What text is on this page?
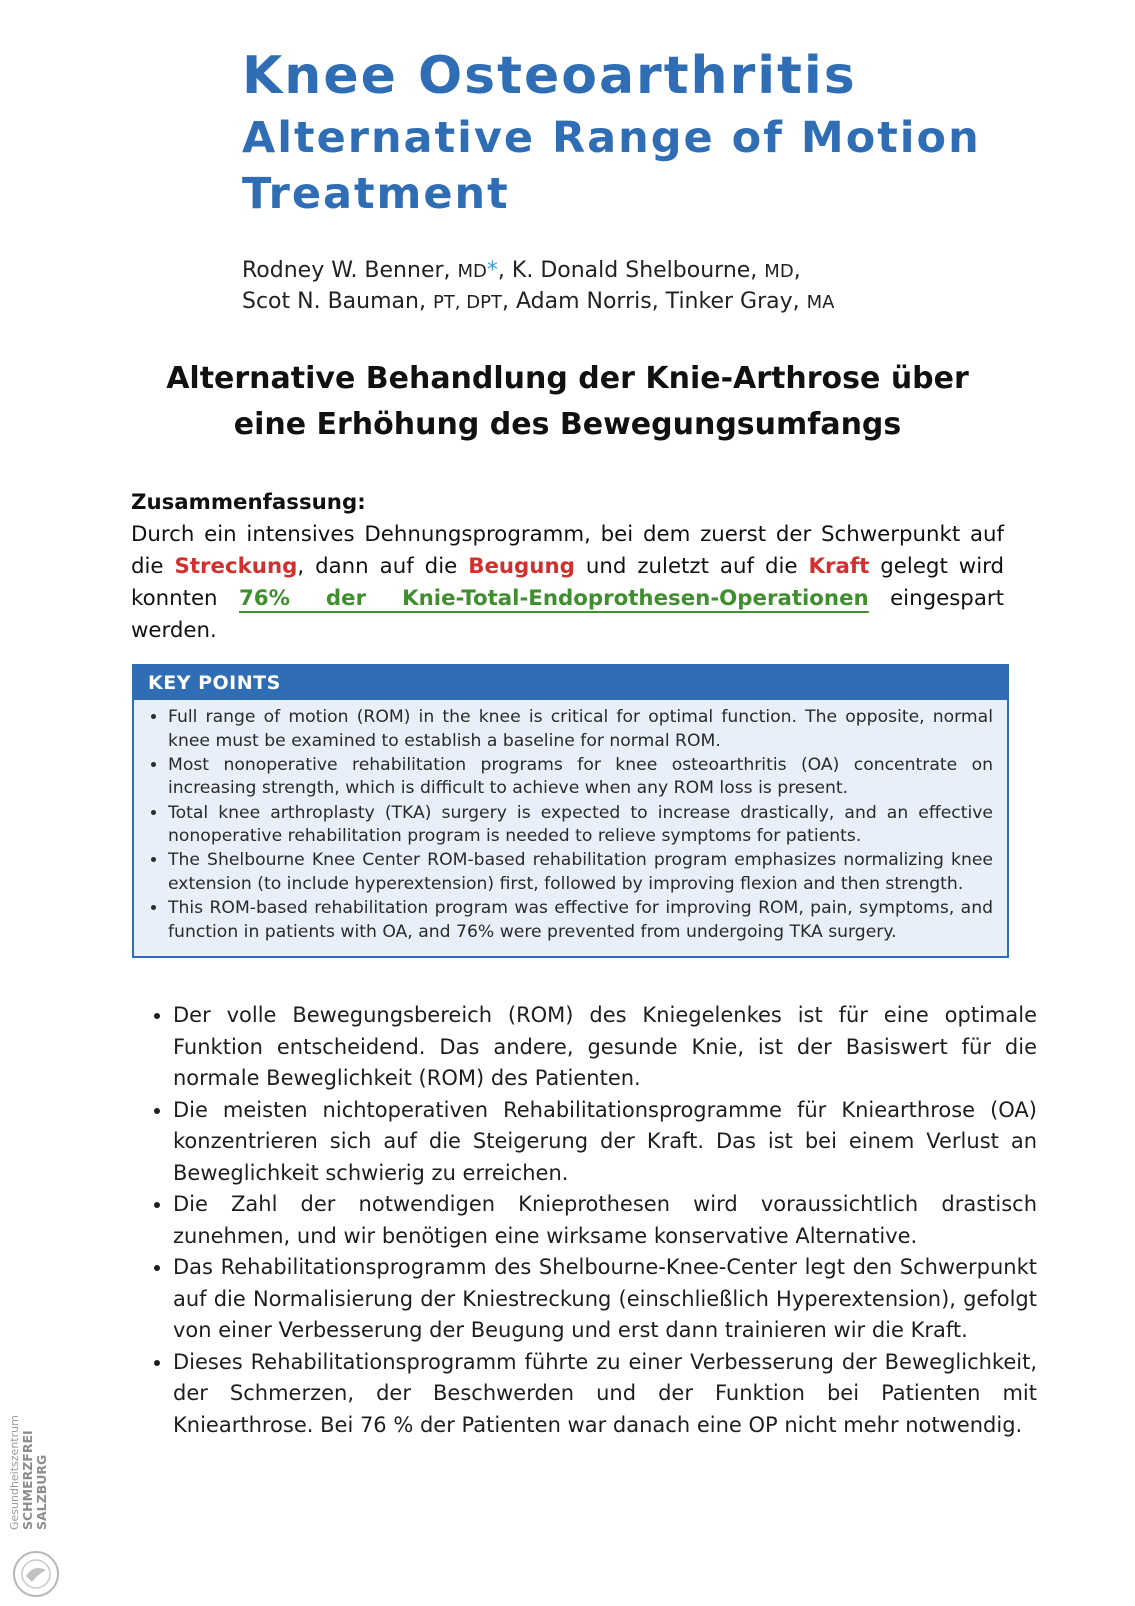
Knee Osteoarthritis
Alternative Range of Motion Treatment
Rodney W. Benner, MD*, K. Donald Shelbourne, MD,
Scot N. Bauman, PT, DPT, Adam Norris, Tinker Gray, MA
Alternative Behandlung der Knie-Arthrose über
eine Erhöhung des Bewegungsumfangs
Zusammenfassung:

Durch ein intensives Dehnungsprogramm, bei dem zuerst der Schwerpunkt auf die Streckung, dann auf die Beugung und zuletzt auf die Kraft gelegt wird konnten 76% der Knie-Total-Endoprothesen-Operationen eingespart werden.

KEY POINTS
• Full range of motion (ROM) in the knee is critical for optimal function. The opposite, normal knee must be examined to establish a baseline for normal ROM.
• Most nonoperative rehabilitation programs for knee osteoarthritis (OA) concentrate on increasing strength, which is difficult to achieve when any ROM loss is present.
• Total knee arthroplasty (TKA) surgery is expected to increase drastically, and an effective nonoperative rehabilitation program is needed to relieve symptoms for patients.
• The Shelbourne Knee Center ROM-based rehabilitation program emphasizes normalizing knee extension (to include hyperextension) first, followed by improving flexion and then strength.
• This ROM-based rehabilitation program was effective for improving ROM, pain, symptoms, and function in patients with OA, and 76% were prevented from undergoing TKA surgery.
• Der volle Bewegungsbereich (ROM) des Kniegelenkes ist für eine optimale Funktion entscheidend. Das andere, gesunde Knie, ist der Basiswert für die normale Beweglichkeit (ROM) des Patienten.
• Die meisten nichtoperativen Rehabilitationsprogramme für Kniearthrose (OA) konzentrieren sich auf die Steigerung der Kraft. Das ist bei einem Verlust an Beweglichkeit schwierig zu erreichen.
• Die Zahl der notwendigen Knieprothesen wird voraussichtlich drastisch zunehmen, und wir benötigen eine wirksame konservative Alternative.
• Das Rehabilitationsprogramm des Shelbourne-Knee-Center legt den Schwerpunkt auf die Normalisierung der Kniestreckung (einschließlich Hyperextension), gefolgt von einer Verbesserung der Beugung und erst dann trainieren wir die Kraft.
• Dieses Rehabilitationsprogramm führte zu einer Verbesserung der Beweglichkeit, der Schmerzen, der Beschwerden und der Funktion bei Patienten mit Kniearthrose. Bei 76 % der Patienten war danach eine OP nicht mehr notwendig.
Gesundheitszentrum SCHMERZFREI SALZBURG
